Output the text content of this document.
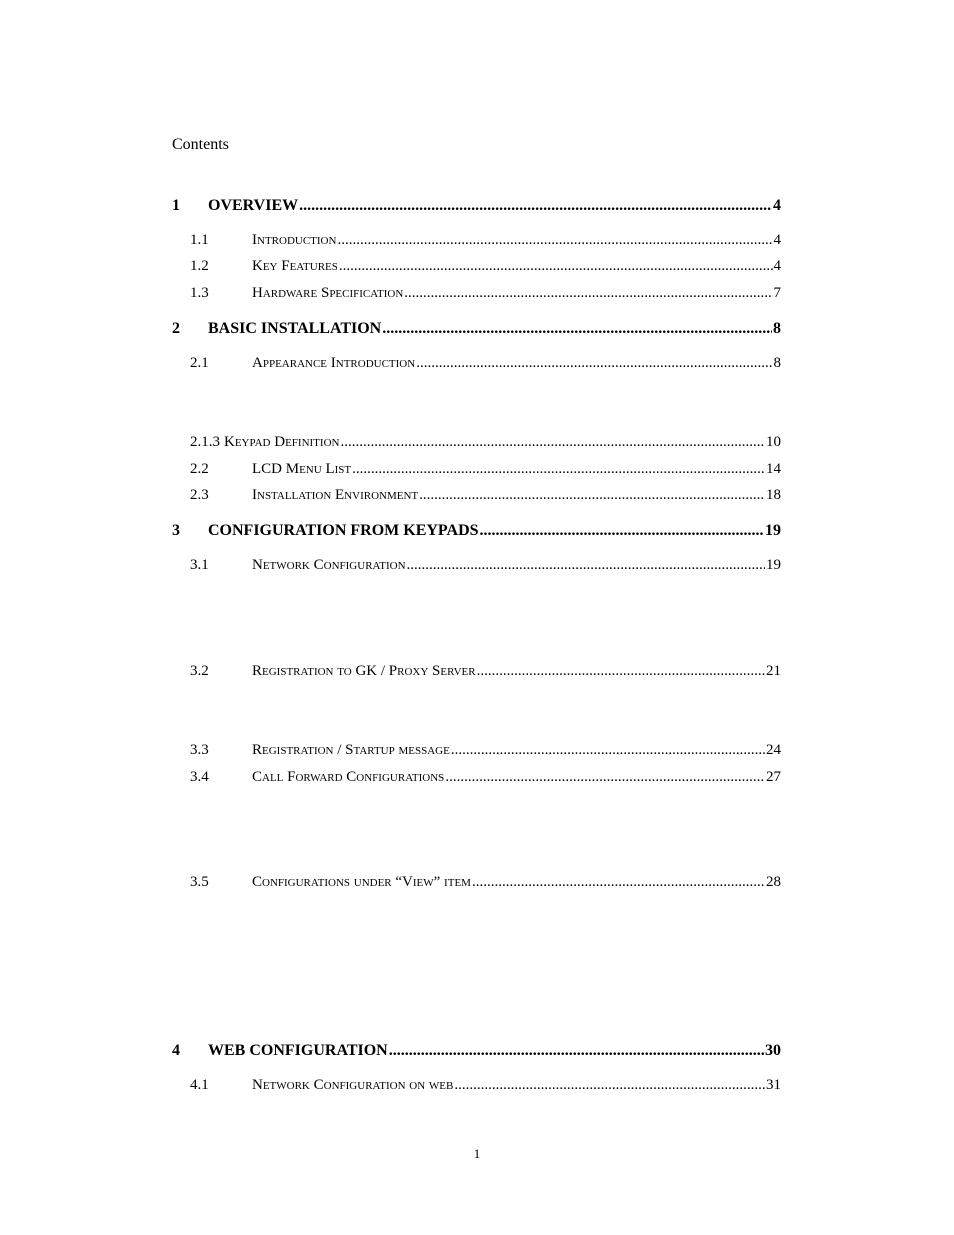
Contents
1	OVERVIEW .....	4
1.1	Introduction .....	4
1.2	Key Features .....	4
1.3	Hardware Specification .....	7
2	BASIC INSTALLATION .....	8
2.1	Appearance Introduction .....	8
2.1.3 Keypad Definition .....	10
2.2	LCD Menu List .....	14
2.3	Installation Environment .....	18
3	CONFIGURATION FROM KEYPADS .....	19
3.1	Network Configuration .....	19
3.2	Registration to GK / Proxy Server .....	21
3.3	Registration / Startup message .....	24
3.4	Call Forward Configurations .....	27
3.5	Configurations under “View” item .....	28
4	WEB CONFIGURATION .....	30
4.1	Network Configuration on web .....	31
1
